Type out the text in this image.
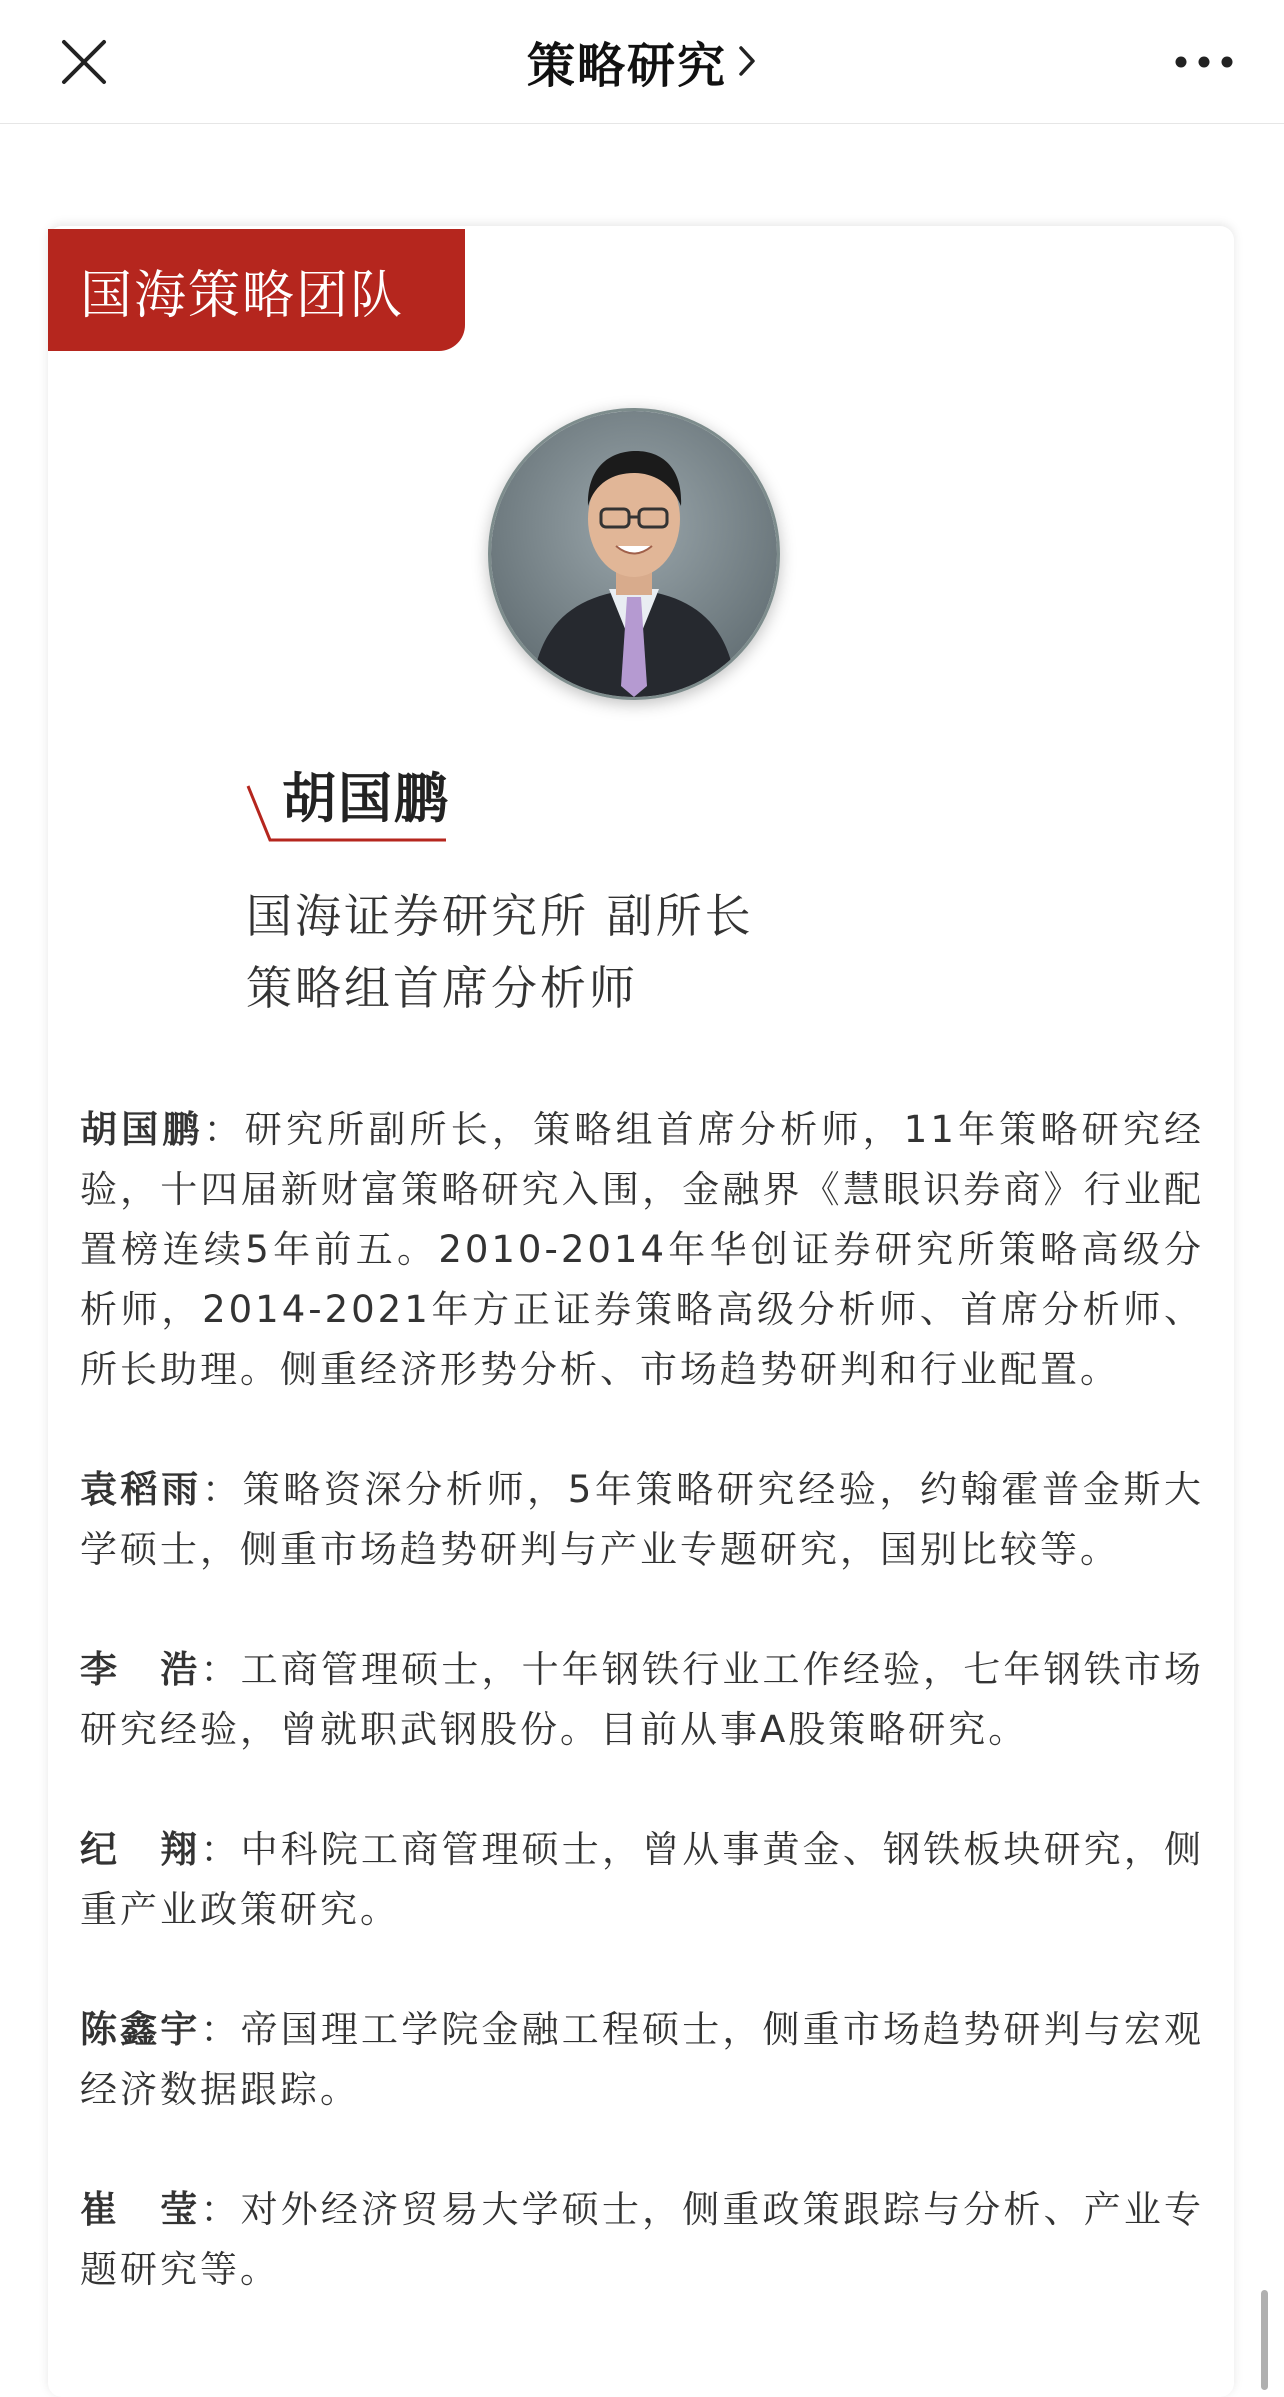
策略研究
国海策略团队
胡国鹏
国海证券研究所 副所长
策略组首席分析师

胡国鹏：研究所副所长，策略组首席分析师，11年策略研究经验，十四届新财富策略研究入围，金融界《慧眼识券商》行业配置榜连续5年前五。2010-2014年华创证券研究所策略高级分析师，2014-2021年方正证券策略高级分析师、首席分析师、所长助理。侧重经济形势分析、市场趋势研判和行业配置。

袁稻雨：策略资深分析师，5年策略研究经验，约翰霍普金斯大学硕士，侧重市场趋势研判与产业专题研究，国别比较等。

李　浩：工商管理硕士，十年钢铁行业工作经验，七年钢铁市场研究经验，曾就职武钢股份。目前从事A股策略研究。

纪　翔：中科院工商管理硕士，曾从事黄金、钢铁板块研究，侧重产业政策研究。

陈鑫宇：帝国理工学院金融工程硕士，侧重市场趋势研判与宏观经济数据跟踪。

崔　莹：对外经济贸易大学硕士，侧重政策跟踪与分析、产业专题研究等。
